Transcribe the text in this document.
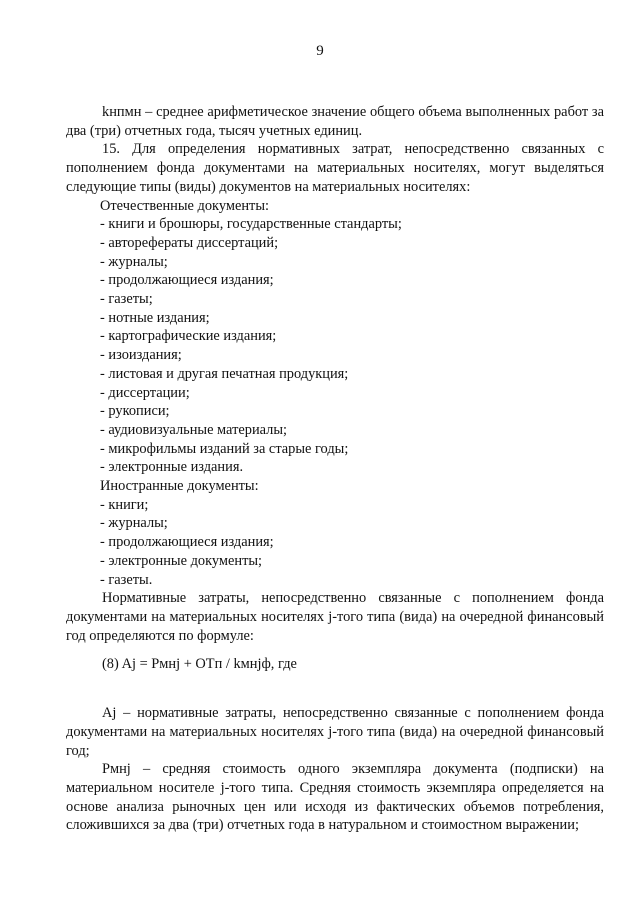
9

kнпмн – среднее арифметическое значение общего объема выполненных работ за два (три) отчетных года, тысяч учетных единиц.

15. Для определения нормативных затрат, непосредственно связанных с пополнением фонда документами на материальных носителях, могут выделяться следующие типы (виды) документов на материальных носителях:

Отечественные документы:

- книги и брошюры, государственные стандарты;

- авторефераты диссертаций;

- журналы;

- продолжающиеся издания;

- газеты;

- нотные издания;

- картографические издания;

- изоиздания;

- листовая и другая печатная продукция;

- диссертации;

- рукописи;

- аудиовизуальные материалы;

- микрофильмы изданий за старые годы;

- электронные издания.

Иностранные документы:

- книги;

- журналы;

- продолжающиеся издания;

- электронные документы;

- газеты.

Нормативные затраты, непосредственно связанные с пополнением фонда документами на материальных носителях j-того типа (вида) на очередной финансовый год определяются по формуле:

(8) Aj = Pмнj + OTп / kмнjф, где

Aj – нормативные затраты, непосредственно связанные с пополнением фонда документами на материальных носителях j-того типа (вида) на очередной финансовый год;

Pмнj – средняя стоимость одного экземпляра документа (подписки) на материальном носителе j-того типа. Средняя стоимость экземпляра определяется на основе анализа рыночных цен или исходя из фактических объемов потребления, сложившихся за два (три) отчетных года в натуральном и стоимостном выражении;
